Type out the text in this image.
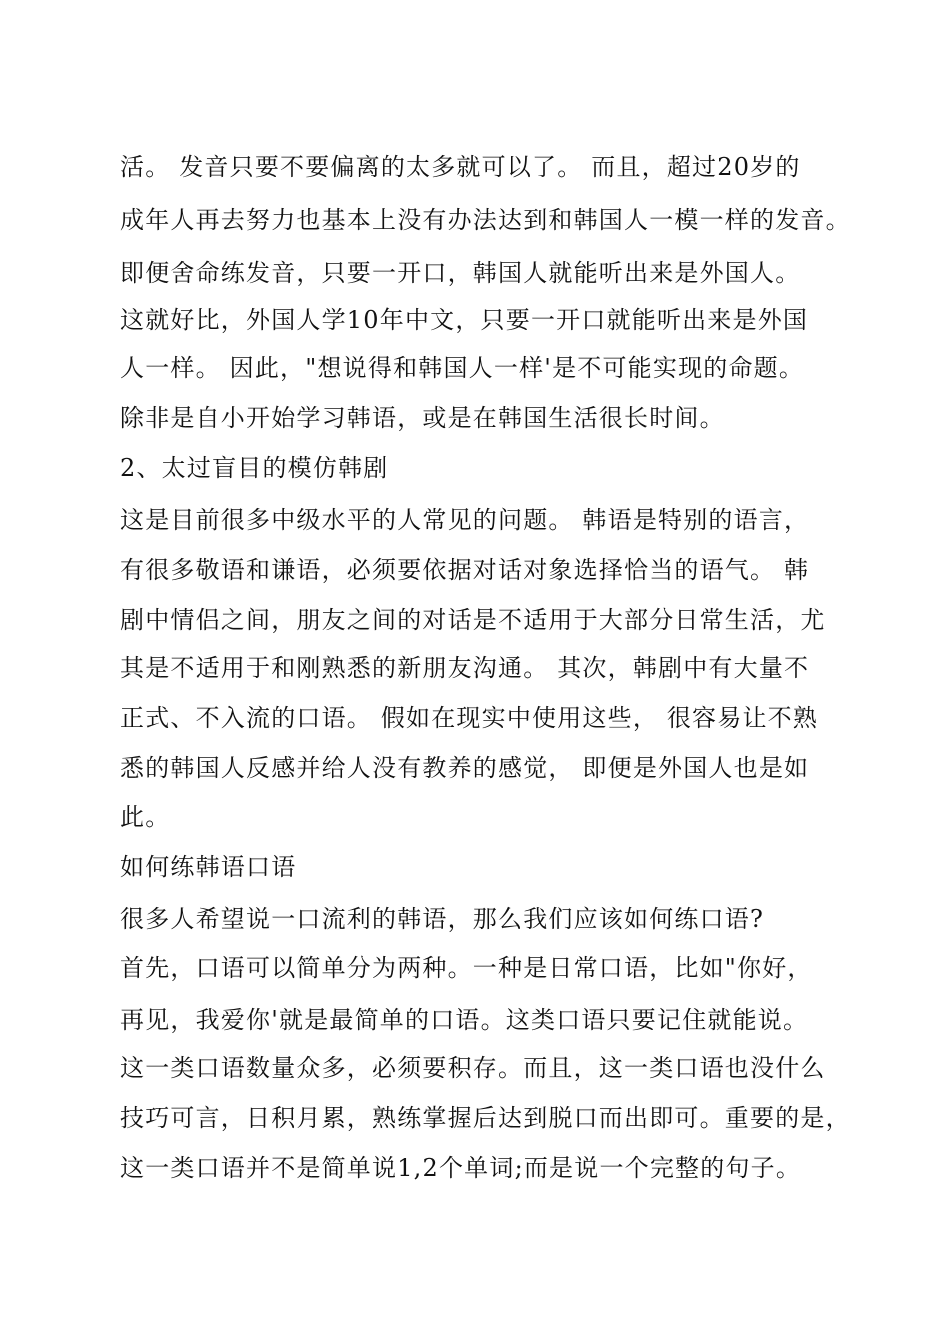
活。 发音只要不要偏离的太多就可以了。 而且，超过20岁的
成年人再去努力也基本上没有办法达到和韩国人一模一样的发音。
即便舍命练发音，只要一开口，韩国人就能听出来是外国人。
这就好比，外国人学10年中文，只要一开口就能听出来是外国
人一样。 因此，"想说得和韩国人一样'是不可能实现的命题。
除非是自小开始学习韩语，或是在韩国生活很长时间。
2、太过盲目的模仿韩剧
这是目前很多中级水平的人常见的问题。 韩语是特别的语言，
有很多敬语和谦语，必须要依据对话对象选择恰当的语气。 韩
剧中情侣之间，朋友之间的对话是不适用于大部分日常生活，尤
其是不适用于和刚熟悉的新朋友沟通。 其次，韩剧中有大量不
正式、不入流的口语。 假如在现实中使用这些， 很容易让不熟
悉的韩国人反感并给人没有教养的感觉， 即便是外国人也是如
此。
如何练韩语口语
很多人希望说一口流利的韩语，那么我们应该如何练口语?
首先，口语可以简单分为两种。一种是日常口语，比如"你好，
再见，我爱你'就是最简单的口语。这类口语只要记住就能说。
这一类口语数量众多，必须要积存。而且，这一类口语也没什么
技巧可言，日积月累，熟练掌握后达到脱口而出即可。重要的是，
这一类口语并不是简单说1,2个单词;而是说一个完整的句子。
